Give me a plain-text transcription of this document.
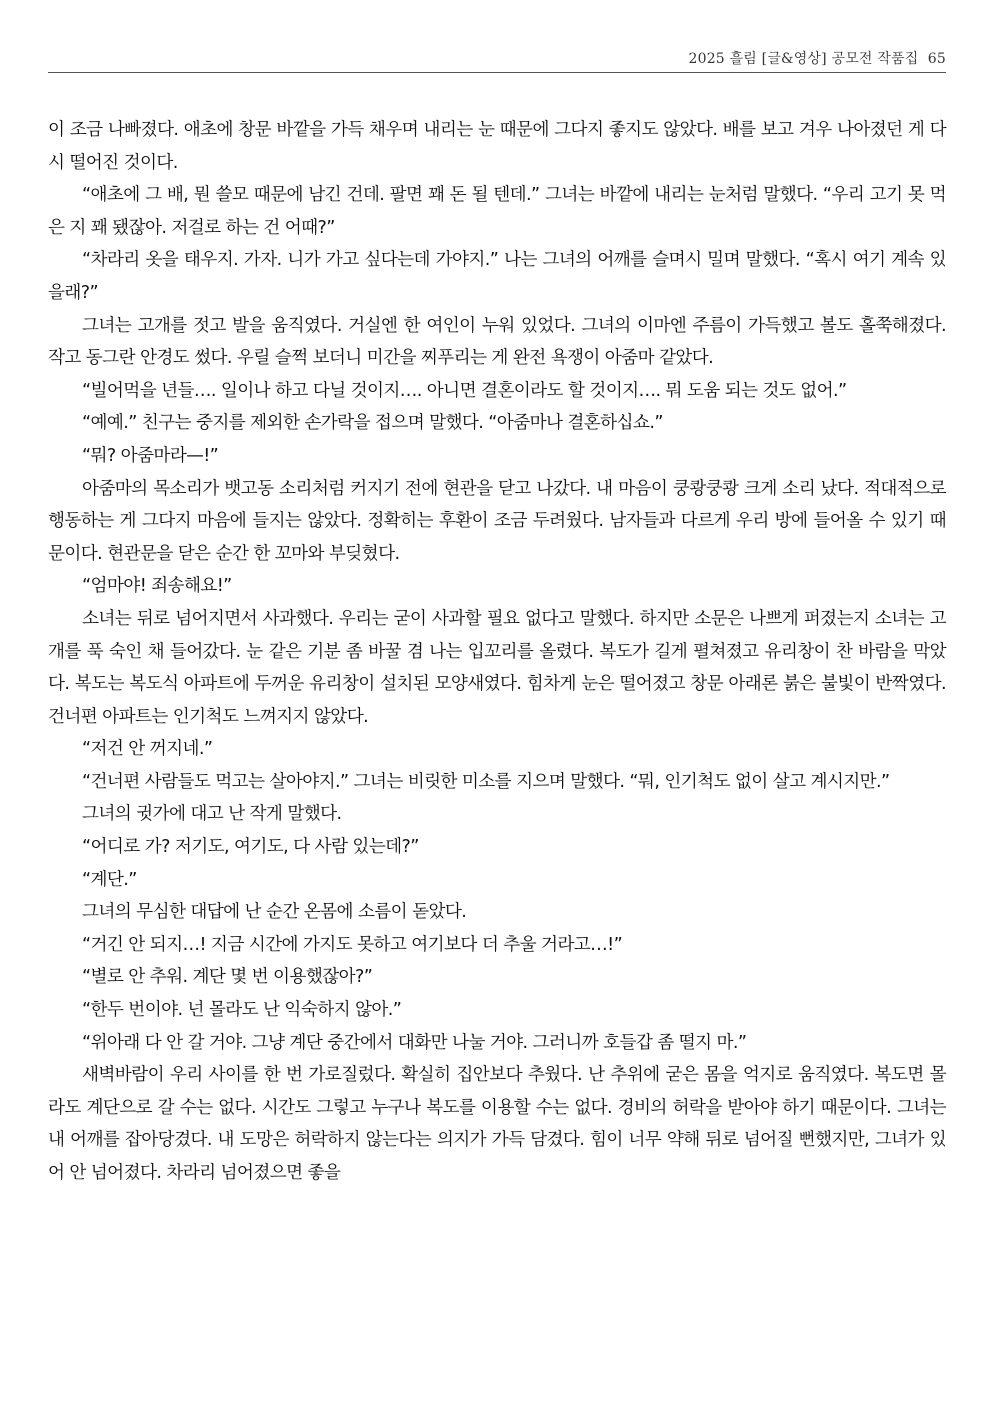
2025 흘림 [글&영상] 공모전 작품집 65

이 조금 나빠졌다. 애초에 창문 바깥을 가득 채우며 내리는 눈 때문에 그다지 좋지도 않았다. 배를 보고 겨우 나아졌던 게 다시 떨어진 것이다.

“애초에 그 배, 뭔 쓸모 때문에 남긴 건데. 팔면 꽤 돈 될 텐데.” 그녀는 바깥에 내리는 눈처럼 말했다. “우리 고기 못 먹은 지 꽤 됐잖아. 저걸로 하는 건 어때?”

“차라리 옷을 태우지. 가자. 니가 가고 싶다는데 가야지.” 나는 그녀의 어깨를 슬며시 밀며 말했다. “혹시 여기 계속 있을래?”

그녀는 고개를 젓고 발을 움직였다. 거실엔 한 여인이 누워 있었다. 그녀의 이마엔 주름이 가득했고 볼도 홀쭉해졌다. 작고 동그란 안경도 썼다. 우릴 슬쩍 보더니 미간을 찌푸리는 게 완전 욕쟁이 아줌마 같았다.

“빌어먹을 년들…. 일이나 하고 다닐 것이지…. 아니면 결혼이라도 할 것이지…. 뭐 도움 되는 것도 없어.”

“예예.” 친구는 중지를 제외한 손가락을 접으며 말했다. “아줌마나 결혼하십쇼.”

“뭐? 아줌마라—!”

아줌마의 목소리가 뱃고동 소리처럼 커지기 전에 현관을 닫고 나갔다. 내 마음이 쿵쾅쿵쾅 크게 소리 났다. 적대적으로 행동하는 게 그다지 마음에 들지는 않았다. 정확히는 후환이 조금 두려웠다. 남자들과 다르게 우리 방에 들어올 수 있기 때문이다. 현관문을 닫은 순간 한 꼬마와 부딪혔다.

“엄마야! 죄송해요!”

소녀는 뒤로 넘어지면서 사과했다. 우리는 굳이 사과할 필요 없다고 말했다. 하지만 소문은 나쁘게 퍼졌는지 소녀는 고개를 푹 숙인 채 들어갔다. 눈 같은 기분 좀 바꿀 겸 나는 입꼬리를 올렸다. 복도가 길게 펼쳐졌고 유리창이 찬 바람을 막았다. 복도는 복도식 아파트에 두꺼운 유리창이 설치된 모양새였다. 힘차게 눈은 떨어졌고 창문 아래론 붉은 불빛이 반짝였다. 건너편 아파트는 인기척도 느껴지지 않았다.

“저건 안 꺼지네.”

“건너편 사람들도 먹고는 살아야지.” 그녀는 비릿한 미소를 지으며 말했다. “뭐, 인기척도 없이 살고 계시지만.”

그녀의 귓가에 대고 난 작게 말했다.

“어디로 가? 저기도, 여기도, 다 사람 있는데?”

“계단.”

그녀의 무심한 대답에 난 순간 온몸에 소름이 돋았다.

“거긴 안 되지…! 지금 시간에 가지도 못하고 여기보다 더 추울 거라고…!”

“별로 안 추워. 계단 몇 번 이용했잖아?”

“한두 번이야. 넌 몰라도 난 익숙하지 않아.”

“위아래 다 안 갈 거야. 그냥 계단 중간에서 대화만 나눌 거야. 그러니까 호들갑 좀 떨지 마.”

새벽바람이 우리 사이를 한 번 가로질렀다. 확실히 집안보다 추웠다. 난 추위에 굳은 몸을 억지로 움직였다. 복도면 몰라도 계단으로 갈 수는 없다. 시간도 그렇고 누구나 복도를 이용할 수는 없다. 경비의 허락을 받아야 하기 때문이다. 그녀는 내 어깨를 잡아당겼다. 내 도망은 허락하지 않는다는 의지가 가득 담겼다. 힘이 너무 약해 뒤로 넘어질 뻔했지만, 그녀가 있어 안 넘어졌다. 차라리 넘어졌으면 좋을
